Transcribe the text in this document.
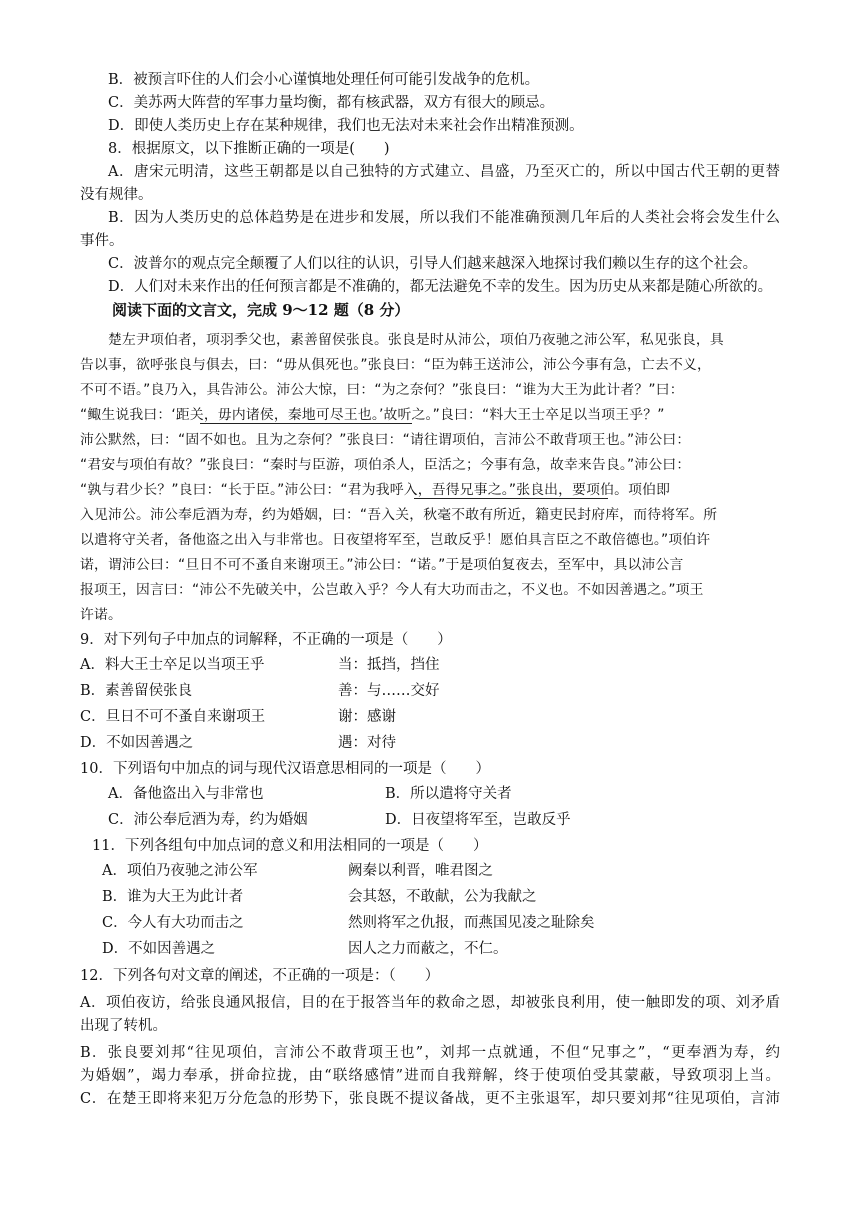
B．被预言吓住的人们会小心谨慎地处理任何可能引发战争的危机。
C．美苏两大阵营的军事力量均衡，都有核武器，双方有很大的顾忌。
D．即使人类历史上存在某种规律，我们也无法对未来社会作出精准预测。
8．根据原文，以下推断正确的一项是(　　)
A．唐宋元明清，这些王朝都是以自己独特的方式建立、昌盛，乃至灭亡的，所以中国古代王朝的更替
没有规律。
B．因为人类历史的总体趋势是在进步和发展，所以我们不能准确预测几年后的人类社会将会发生什么
事件。
C．波普尔的观点完全颠覆了人们以往的认识，引导人们越来越深入地探讨我们赖以生存的这个社会。
D．人们对未来作出的任何预言都是不准确的，都无法避免不幸的发生。因为历史从来都是随心所欲的。
阅读下面的文言文，完成 9～12 题（8 分）
楚左尹项伯者，项羽季父也，素善留侯张良。张良是时从沛公，项伯乃夜驰之沛公军，私见张良，具
告以事，欲呼张良与俱去，曰：“毋从俱死也。”张良曰：“臣为韩王送沛公，沛公今事有急，亡去不义，
不可不语。”良乃入，具告沛公。沛公大惊，曰：“为之奈何？”张良曰：“谁为大王为此计者？”曰：
“鲰生说我曰：‘距关，毋内诸侯，秦地可尽王也。’故听之。”良曰：“料大王士卒足以当项王乎？”
沛公默然，曰：“固不如也。且为之奈何？”张良曰：“请往谓项伯，言沛公不敢背项王也。”沛公曰：
“君安与项伯有故？”张良曰：“秦时与臣游，项伯杀人，臣活之；今事有急，故幸来告良。”沛公曰：
“孰与君少长？”良曰：“长于臣。”沛公曰：“君为我呼入，吾得兄事之。”张良出，要项伯。项伯即
入见沛公。沛公奉卮酒为寿，约为婚姻，曰：“吾入关，秋毫不敢有所近，籍吏民封府库，而待将军。所
以遣将守关者，备他盗之出入与非常也。日夜望将军至，岂敢反乎！愿伯具言臣之不敢倍德也。”项伯许
诺，谓沛公曰：“旦日不可不蚤自来谢项王。”沛公曰：“诺。”于是项伯复夜去，至军中，具以沛公言
报项王，因言曰：“沛公不先破关中，公岂敢入乎？今人有大功而击之，不义也。不如因善遇之。”项王
许诺。
9．对下列句子中加点的词解释，不正确的一项是（　　）
A．料大王士卒足以当项王乎	当：抵挡，挡住
B．素善留侯张良	善：与……交好
C．旦日不可不蚤自来谢项王	谢：感谢
D．不如因善遇之	遇：对待
10．下列语句中加点的词与现代汉语意思相同的一项是（　　）
A．备他盗出入与非常也	B．所以遣将守关者
C．沛公奉卮酒为寿，约为婚姻	D．日夜望将军至，岂敢反乎
11．下列各组句中加点词的意义和用法相同的一项是（　　）
A．项伯乃夜驰之沛公军	阙秦以利晋，唯君图之
B．谁为大王为此计者	会其怒，不敢献，公为我献之
C．今人有大功而击之	然则将军之仇报，而燕国见凌之耻除矣
D．不如因善遇之	因人之力而蔽之，不仁。
12．下列各句对文章的阐述，不正确的一项是：（　　）
A．项伯夜访，给张良通风报信，目的在于报答当年的救命之恩，却被张良利用，使一触即发的项、刘矛盾
出现了转机。
B．张良要刘邦“往见项伯，言沛公不敢背项王也”，刘邦一点就通，不但“兄事之”，“更奉酒为寿，约
为婚姻”，竭力奉承，拼命拉拢，由“联络感情”进而自我辩解，终于使项伯受其蒙蔽，导致项羽上当。
C．在楚王即将来犯万分危急的形势下，张良既不提议备战，更不主张退军，却只要刘邦“往见项伯，言沛
